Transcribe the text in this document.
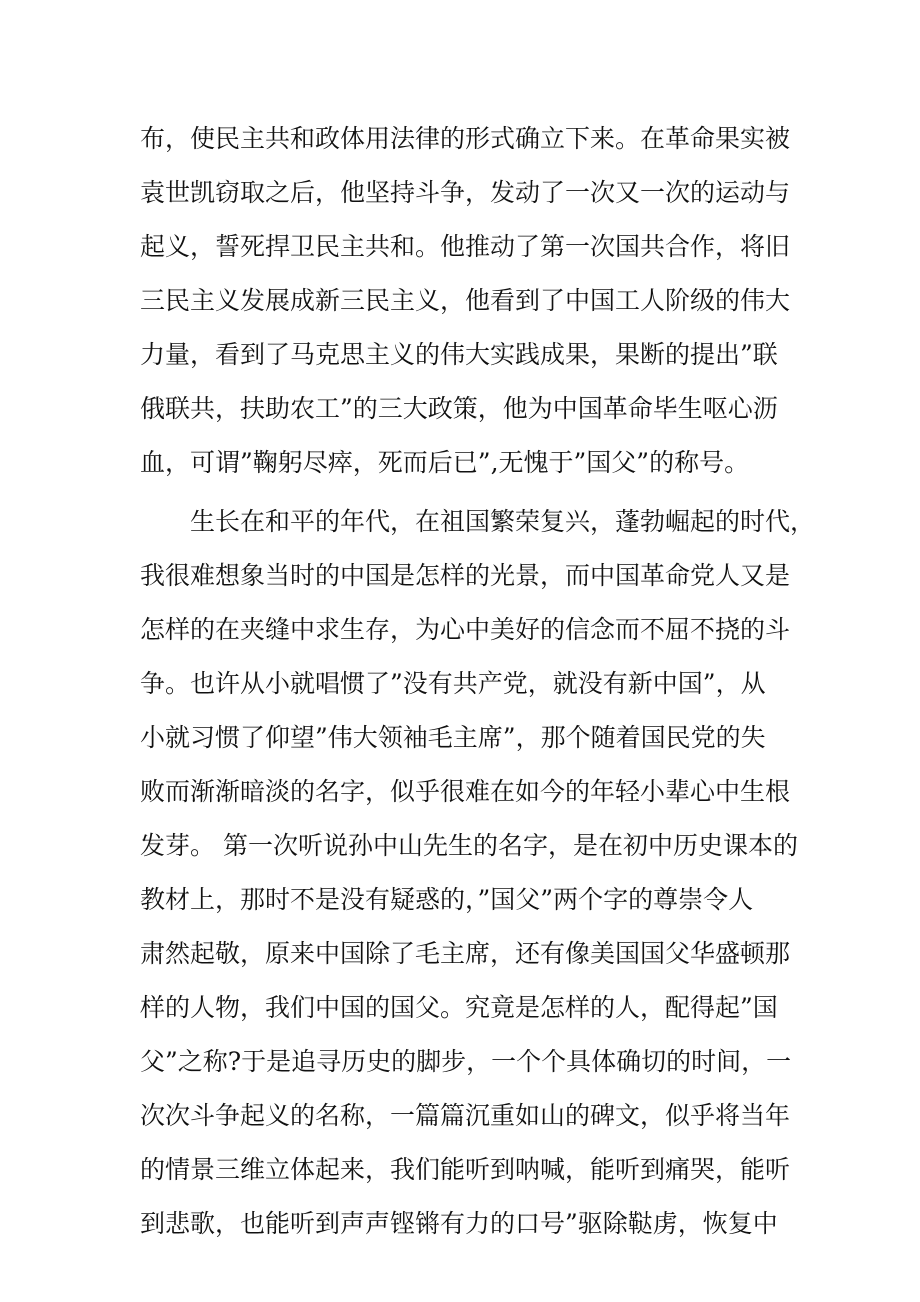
布，使民主共和政体用法律的形式确立下来。在革命果实被
袁世凯窃取之后，他坚持斗争，发动了一次又一次的运动与
起义，誓死捍卫民主共和。他推动了第一次国共合作，将旧
三民主义发展成新三民主义，他看到了中国工人阶级的伟大
力量，看到了马克思主义的伟大实践成果，果断的提出”联
俄联共，扶助农工”的三大政策，他为中国革命毕生呕心沥
血，可谓”鞠躬尽瘁，死而后已”,无愧于”国父”的称号。
　　生长在和平的年代，在祖国繁荣复兴，蓬勃崛起的时代，
我很难想象当时的中国是怎样的光景，而中国革命党人又是
怎样的在夹缝中求生存，为心中美好的信念而不屈不挠的斗
争。也许从小就唱惯了”没有共产党，就没有新中国”，从
小就习惯了仰望”伟大领袖毛主席”，那个随着国民党的失
败而渐渐暗淡的名字，似乎很难在如今的年轻小辈心中生根
发芽。 第一次听说孙中山先生的名字，是在初中历史课本的
教材上，那时不是没有疑惑的，”国父”两个字的尊崇令人
肃然起敬，原来中国除了毛主席，还有像美国国父华盛顿那
样的人物，我们中国的国父。究竟是怎样的人，配得起”国
父”之称?于是追寻历史的脚步，一个个具体确切的时间，一
次次斗争起义的名称，一篇篇沉重如山的碑文，似乎将当年
的情景三维立体起来，我们能听到呐喊，能听到痛哭，能听
到悲歌，也能听到声声铿锵有力的口号”驱除鞑虏，恢复中
